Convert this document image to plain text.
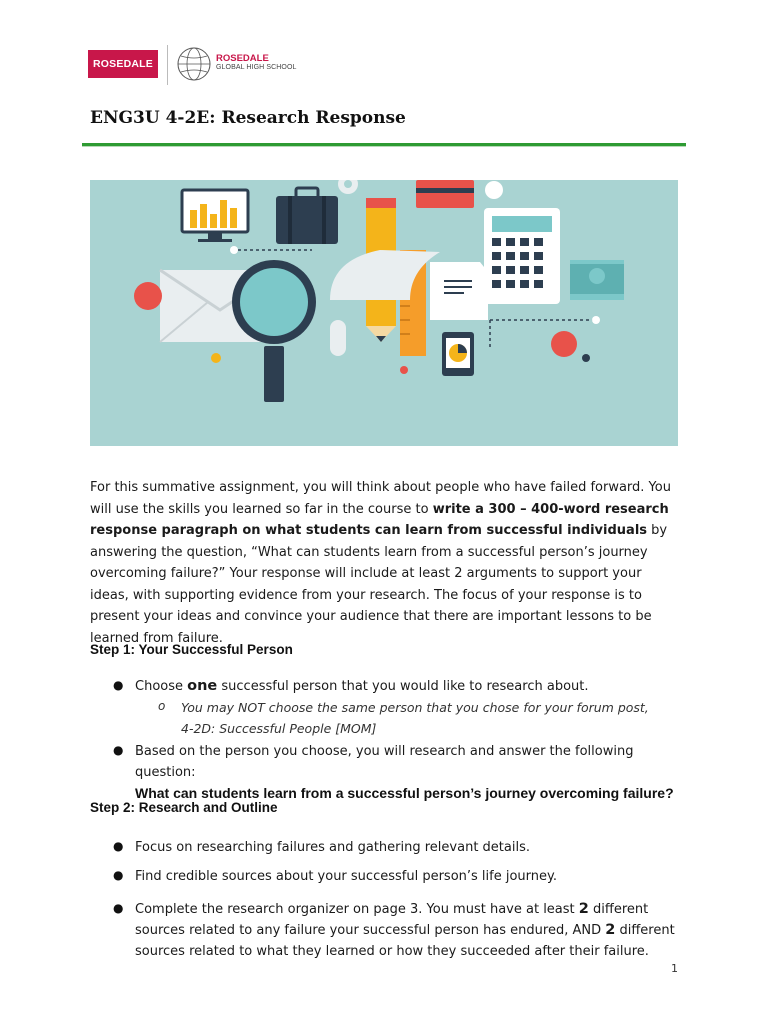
ROSEDALE	ROSEDALE
GLOBAL HIGH SCHOOL
ENG3U 4-2E: Research Response
For this summative assignment, you will think about people who have failed forward. You will use the skills you learned so far in the course to write a 300 – 400-word research response paragraph on what students can learn from successful individuals by answering the question, “What can students learn from a successful person’s journey overcoming failure?” Your response will include at least 2 arguments to support your ideas, with supporting evidence from your research. The focus of your response is to present your ideas and convince your audience that there are important lessons to be learned from failure.
Step 1: Your Successful Person
● Choose one successful person that you would like to research about.
o You may NOT choose the same person that you chose for your forum post, 4-2D: Successful People [MOM]
● Based on the person you choose, you will research and answer the following question:
What can students learn from a successful person’s journey overcoming failure?
Step 2: Research and Outline
● Focus on researching failures and gathering relevant details.
● Find credible sources about your successful person’s life journey.
● Complete the research organizer on page 3. You must have at least 2 different sources related to any failure your successful person has endured, AND 2 different sources related to what they learned or how they succeeded after their failure.
1
